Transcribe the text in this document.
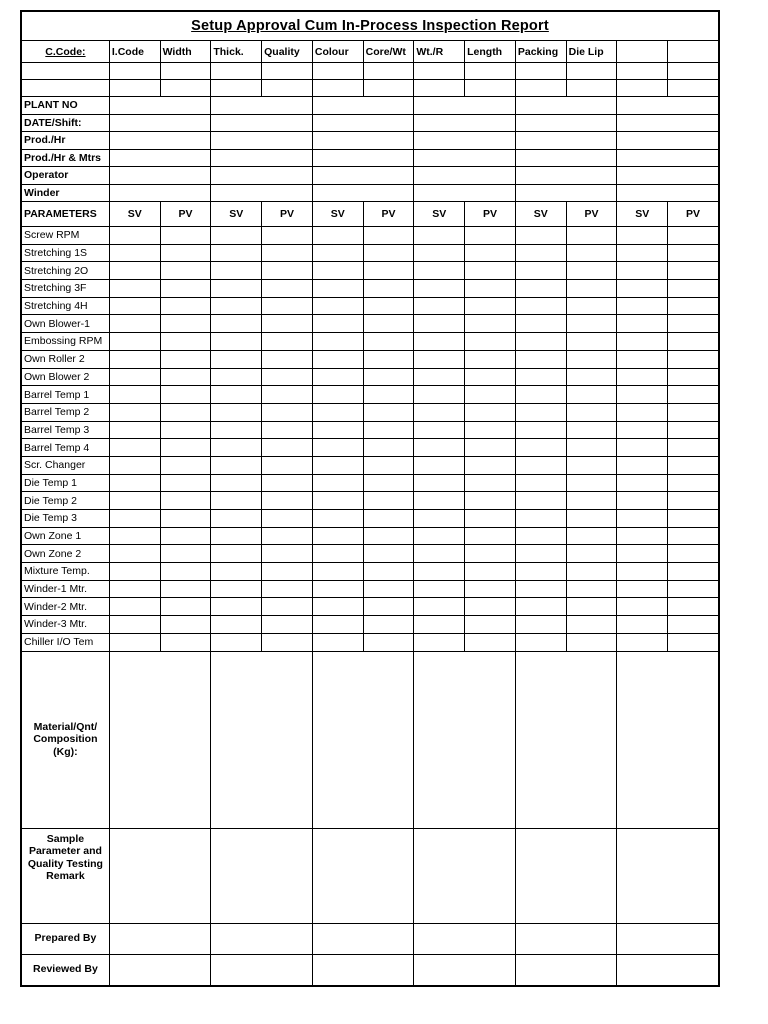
Setup Approval Cum In-Process Inspection Report												
C.Code:	I.Code	Width	Thick.	Quality	Colour	Core/Wt	Wt./R	Length	Packing	Die Lip		

PLANT NO												
DATE/Shift:												
Prod./Hr												
Prod./Hr & Mtrs												
Operator												
Winder												
PARAMETERS	SV	PV	SV	PV	SV	PV	SV	PV	SV	PV	SV	PV
Screw RPM												
Stretching 1S												
Stretching 2O												
Stretching 3F												
Stretching 4H												
Own Blower-1												
Embossing RPM												
Own Roller 2												
Own Blower 2												
Barrel Temp 1												
Barrel Temp 2												
Barrel Temp 3												
Barrel Temp 4												
Scr. Changer												
Die Temp 1												
Die Temp 2												
Die Temp 3												
Own Zone 1												
Own Zone 2												
Mixture Temp.												
Winder-1 Mtr.												
Winder-2 Mtr.												
Winder-3 Mtr.												
Chiller I/O Tem												
Material/Qnt/ Composition (Kg):												
Sample Parameter and Quality Testing Remark												
Prepared By												
Reviewed By												
